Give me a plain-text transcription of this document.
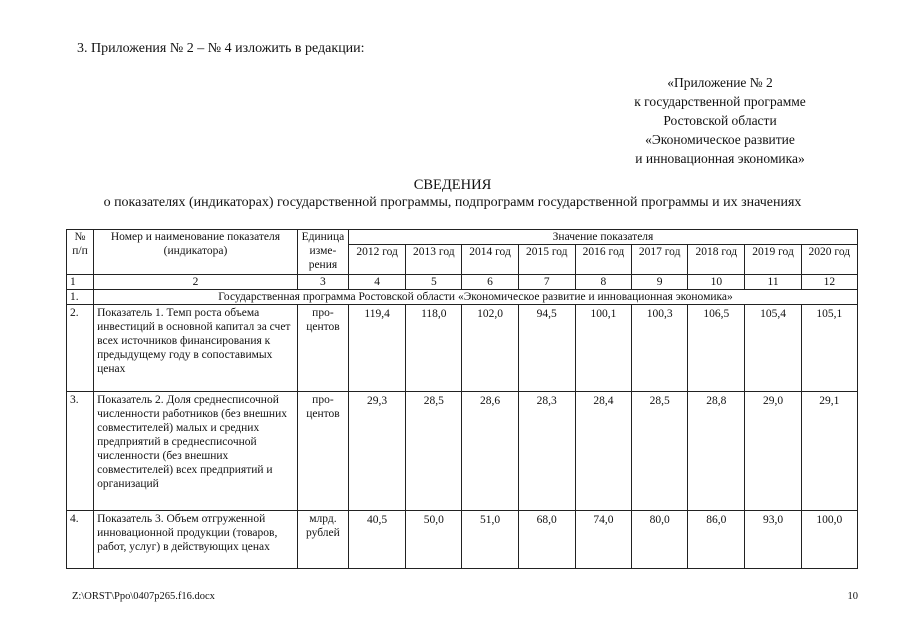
3. Приложения № 2 – № 4 изложить в редакции:
«Приложение № 2
к государственной программе
Ростовской области
«Экономическое развитие
и инновационная экономика»
СВЕДЕНИЯ
о показателях (индикаторах) государственной программы, подпрограмм государственной программы и их значениях
№ п/п	Номер и наименование показателя (индикатора)	Единица изме-рения	Значение показателя								
			2012 год	2013 год	2014 год	2015 год	2016 год	2017 год	2018 год	2019 год	2020 год
1	2	3	4	5	6	7	8	9	10	11	12
1.	Государственная программа Ростовской области «Экономическое развитие и инновационная экономика»										
2.	Показатель 1. Темп роста объема инвестиций в основной капитал за счет всех источников финансирования к предыдущему году в сопоставимых ценах	про-центов	119,4	118,0	102,0	94,5	100,1	100,3	106,5	105,4	105,1
3.	Показатель 2. Доля среднесписочной численности работников (без внешних совместителей) малых и средних предприятий в среднесписочной численности (без внешних совместителей) всех предприятий и организаций	про-центов	29,3	28,5	28,6	28,3	28,4	28,5	28,8	29,0	29,1
4.	Показатель 3. Объем отгруженной инновационной продукции (товаров, работ, услуг) в действующих ценах	млрд. рублей	40,5	50,0	51,0	68,0	74,0	80,0	86,0	93,0	100,0
Z:\ORST\Ppo\0407p265.f16.docx	10
